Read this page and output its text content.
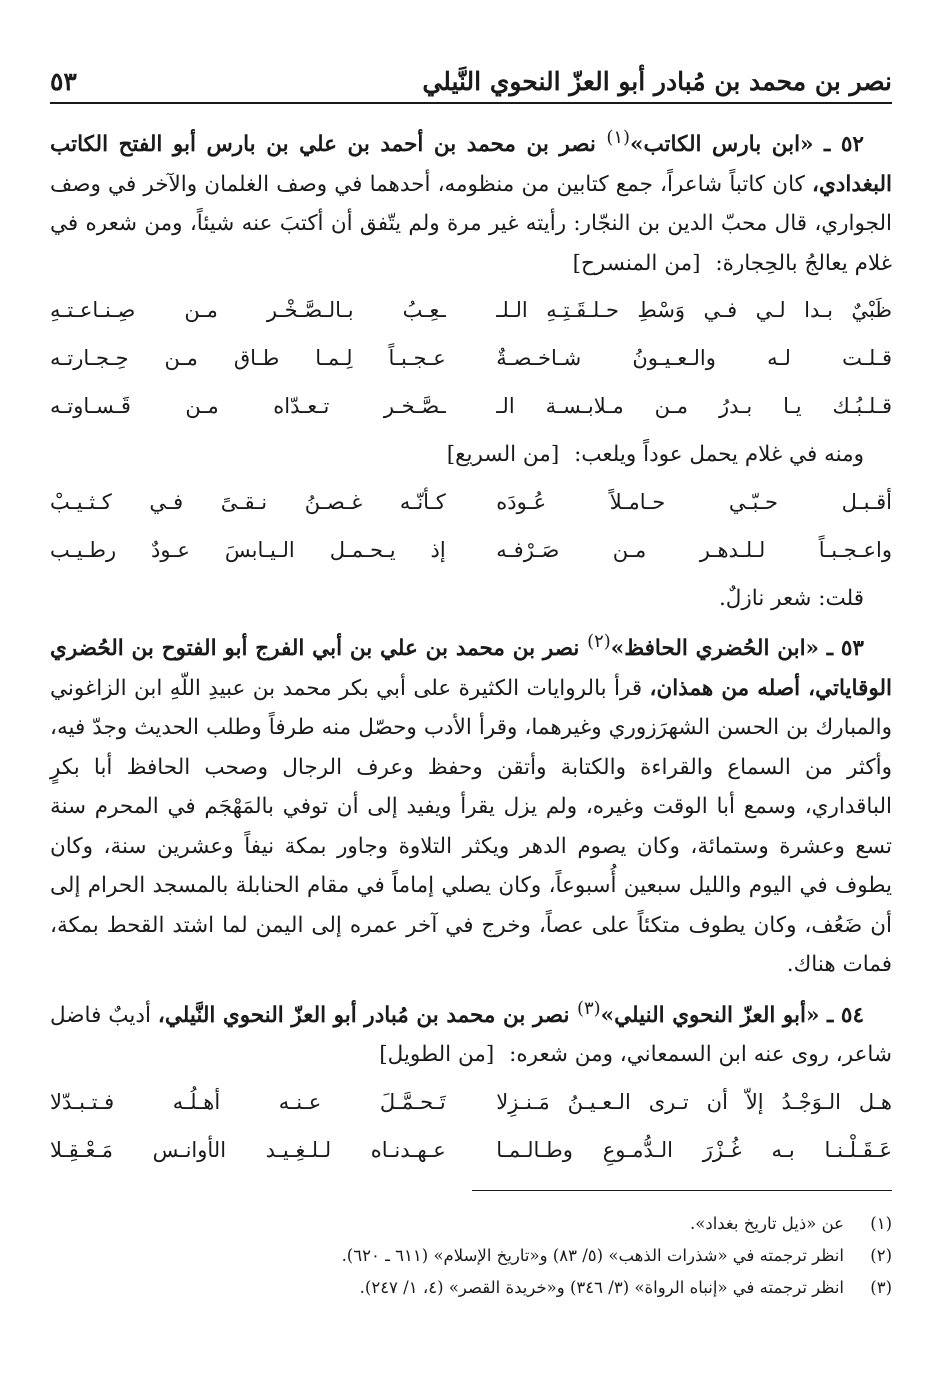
نصر بن محمد بن مُبادر أبو العزّ النحوي النَّيلي
٥٣

٥٢ ـ «ابن بارس الكاتب»$^{(١)}$ نصر بن محمد بن أحمد بن علي بن بارس أبو الفتح الكاتب البغدادي، كان كاتباً شاعراً، جمع كتابين من منظومه، أحدهما في وصف الغلمان والآخر في وصف الجواري، قال محبّ الدين بن النجّار: رأيته غير مرة ولم يتّفق أن أكتبَ عنه شيئاً، ومن شعره في غلام يعالجُ بالحِجارة: [من المنسرح]

ظَبْيٌ بـدا لـي فـي وَسْطِ حـلـقَـتِـهِ الـلـ
ـعِـبُ بـالـصَّـخْـر مـن صِـنـاعـتـهِ
قـلـت لـه والـعـيـونُ شـاخـصـةٌ
عـجـبـاً لِـمـا طـاق مـن حِـجـارتـه
قـلـبُـك يـا بـدرُ مـن مـلابـسـة الـ
ـصَّـخـر تـعـدّاه مـن قَـسـاوتـه

ومنه في غلام يحمل عوداً ويلعب: [من السريع]

أقـبـل حـبّـي حـامـلاً عُـودَه
كـأنّـه غـصـنُ نـقـىً فـي كـثـيـبْ
واعـجـبـاً لـلـدهـر مـن صَـرْفـه
إذ يـحـمـل الـيـابسَ عـودٌ رطـيـب

قلت: شعر نازلٌ.

٥٣ ـ «ابن الحُضري الحافظ»$^{(٢)}$ نصر بن محمد بن علي بن أبي الفرج أبو الفتوح بن الحُضري الوقاياتي، أصله من همذان، قرأ بالروايات الكثيرة على أبي بكر محمد بن عبيدِ اللّهِ ابن الزاغوني والمبارك بن الحسن الشهرَزوري وغيرهما، وقرأ الأدب وحصّل منه طرفاً وطلب الحديث وجدّ فيه، وأكثر من السماع والقراءة والكتابة وأتقن وحفظ وعرف الرجال وصحب الحافظ أبا بكرٍ الباقداري، وسمع أبا الوقت وغيره، ولم يزل يقرأ ويفيد إلى أن توفي بالمَهْجَم في المحرم سنة تسع وعشرة وستمائة، وكان يصوم الدهر ويكثر التلاوة وجاور بمكة نيفاً وعشرين سنة، وكان يطوف في اليوم والليل سبعين أُسبوعاً، وكان يصلي إماماً في مقام الحنابلة بالمسجد الحرام إلى أن ضَعُف، وكان يطوف متكئاً على عصاً، وخرج في آخر عمره إلى اليمن لما اشتد القحط بمكة، فمات هناك.

٥٤ ـ «أبو العزّ النحوي النيلي»$^{(٣)}$ نصر بن محمد بن مُبادر أبو العزّ النحوي النَّيلي، أديبٌ فاضل شاعر، روى عنه ابن السمعاني، ومن شعره: [من الطويل]

هـل الـوَجْـدُ إلاّ أن تـرى الـعـيـنُ مَـنـزِلا
تَـحـمَّـلَ عـنـه أهـلُـه فـتـبـدّلا
عَـقَـلْـنـا بـه غُـزْرَ الـدُّمـوعِ وطـالـمـا
عـهـدنـاه لـلـغِـيـد الأوانـس مَـعْـقِـلا
(١)
عن «ذيل تاريخ بغداد».
(٢)
انظر ترجمته في «شذرات الذهب» (٥/ ٨٣) و«تاريخ الإسلام» (٦١١ ـ ٦٢٠).
(٣)
انظر ترجمته في «إنباه الرواة» (٣/ ٣٤٦) و«خريدة القصر» (٤، ١/ ٢٤٧).
